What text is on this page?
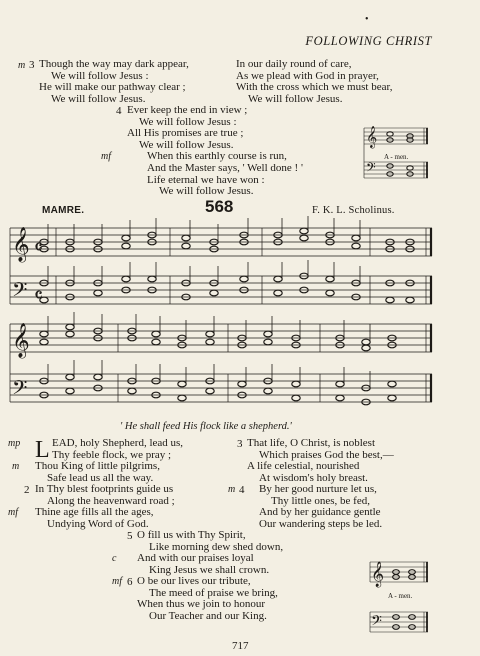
•
FOLLOWING CHRIST
m 3 Though the way may dark appear,
We will follow Jesus :
He will make our pathway clear ;
We will follow Jesus.
In our daily round of care,
As we plead with God in prayer,
With the cross which we must bear,
We will follow Jesus.
4
mf
Ever keep the end in view ;
We will follow Jesus :
All His promises are true ;
We will follow Jesus.
When this earthly course is run,
And the Master says, ' Well done ! '
Life eternal we have won :
We will follow Jesus.
𝄞
𝄢
A - men.
MAMRE.	568	F. K. L. Scholinus.
𝄞
𝄢
𝄴
𝄴
𝄞
𝄢
' He shall feed His flock like a shepherd.'
mp
m
L EAD, holy Shepherd, lead us,
Thy feeble flock, we pray ;
Thou King of little pilgrims,
Safe lead us all the way.
2
mf
In Thy blest footprints guide us
Along the heavenward road ;
Thine age fills all the ages,
Undying Word of God.
3 That life, O Christ, is noblest
Which praises God the best,—
A life celestial, nourished
At wisdom's holy breast.
m 4 By her good nurture let us,
Thy little ones, be fed,
And by her guidance gentle
Our wandering steps be led.
5
c
O fill us with Thy Spirit,
Like morning dew shed down,
And with our praises loyal
King Jesus we shall crown.
mf 6 O be our lives our tribute,
The meed of praise we bring,
When thus we join to honour
Our Teacher and our King.
𝄞
𝄢
A - men.
717
